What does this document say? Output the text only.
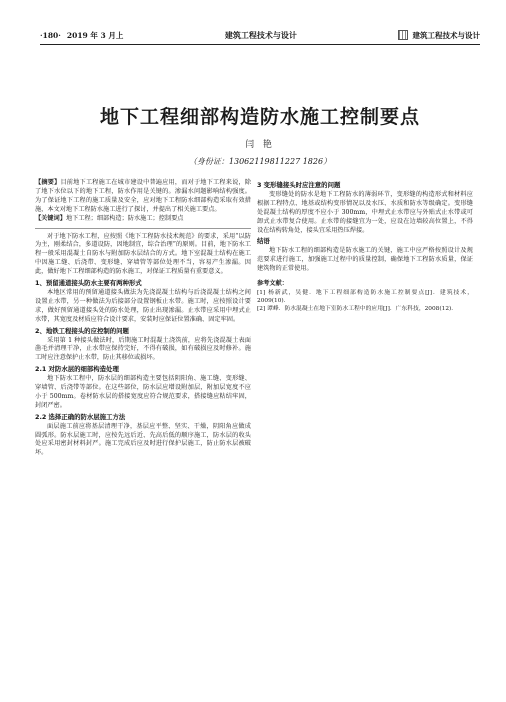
·180· 2019 年 3 月上	建筑工程技术与设计	建筑工程技术与设计
地下工程细部构造防水施工控制要点
闫 艳
（身份证：13062119811227 1826）

【摘要】目前地下工程施工在城市建设中普遍应用，而对于地下工程来说，除了地下水位以下的地下工程，防水作用是关键的。渗漏水问题影响结构强度。为了保证地下工程的施工质量及安全，应对地下工程防水细部构造采取有效措施，本文对地下工程防水施工进行了探讨，并提出了相关施工要点。

【关键词】地下工程；细部构造；防水施工；控制要点

对于地下防水工程，应按照《地下工程防水技术规范》的要求，采用“以防为主，刚柔结合，多道设防，因地制宜，综合治理”的原则。目前，地下防水工程一般采用混凝土自防水与附加防水层结合的方式。地下室混凝土结构在施工中因施工缝、后浇带、变形缝、穿墙管等部位处理不当，容易产生渗漏。因此，做好地下工程细部构造的防水施工，对保证工程质量有重要意义。

1、预留通道接头防水主要有两种形式

本地区常用的预留通道接头做法为先浇混凝土结构与后浇混凝土结构之间设置止水带，另一种做法为后接部分设置钢板止水带。施工时，应按照设计要求，做好预留通道接头处的防水处理，防止出现渗漏。止水带应采用中埋式止水带，其宽度及材质应符合设计要求，安装时应保证位置准确、固定牢固。

2、地铁工程接头的应控制的问题

采用第 1 种接头做法时，后期施工时混凝土浇筑前，应将先浇混凝土表面凿毛并清理干净，止水带应保持完好，不得有破损，如有破损应及时修补。施工时应注意保护止水带，防止其移位或损坏。

2.1 对防水层的细部构造处理

地下防水工程中，防水层的细部构造主要包括阴阳角、施工缝、变形缝、穿墙管、后浇带等部位。在这些部位，防水层应增设附加层，附加层宽度不应小于 500mm。卷材防水层的搭接宽度应符合规范要求，搭接缝应粘结牢固，封闭严密。

2.2 选择正确的防水层施工方法

面层施工前应将基层清理干净，基层应平整、坚实、干燥，阴阳角应做成圆弧形。防水层施工时，应按先远后近、先高后低的顺序施工，防水层的收头处应采用密封材料封严。施工完成后应及时进行保护层施工，防止防水层被破坏。

3 变形缝接头时应注意的问题

变形缝处的防水是地下工程防水的薄弱环节，变形缝的构造形式和材料应根据工程特点、地基或结构变形情况以及水压、水质和防水等级确定。变形缝处混凝土结构的厚度不应小于 300mm，中埋式止水带应与外贴式止水带或可卸式止水带复合使用。止水带的接缝宜为一处，应设在边墙较高位置上，不得设在结构转角处，接头宜采用热压焊接。

结语

地下防水工程的细部构造是防水施工的关键，施工中应严格按照设计及规范要求进行施工，加强施工过程中的质量控制，确保地下工程防水质量，保证建筑物的正常使用。

参考文献：

[1] 杨新武，吴健．地下工程细部构造防水施工控制要点[J]．建筑技术，2009(10)．

[2] 谭峰．防水混凝土在地下室防水工程中的应用[J]．广东科技，2008(12)．
